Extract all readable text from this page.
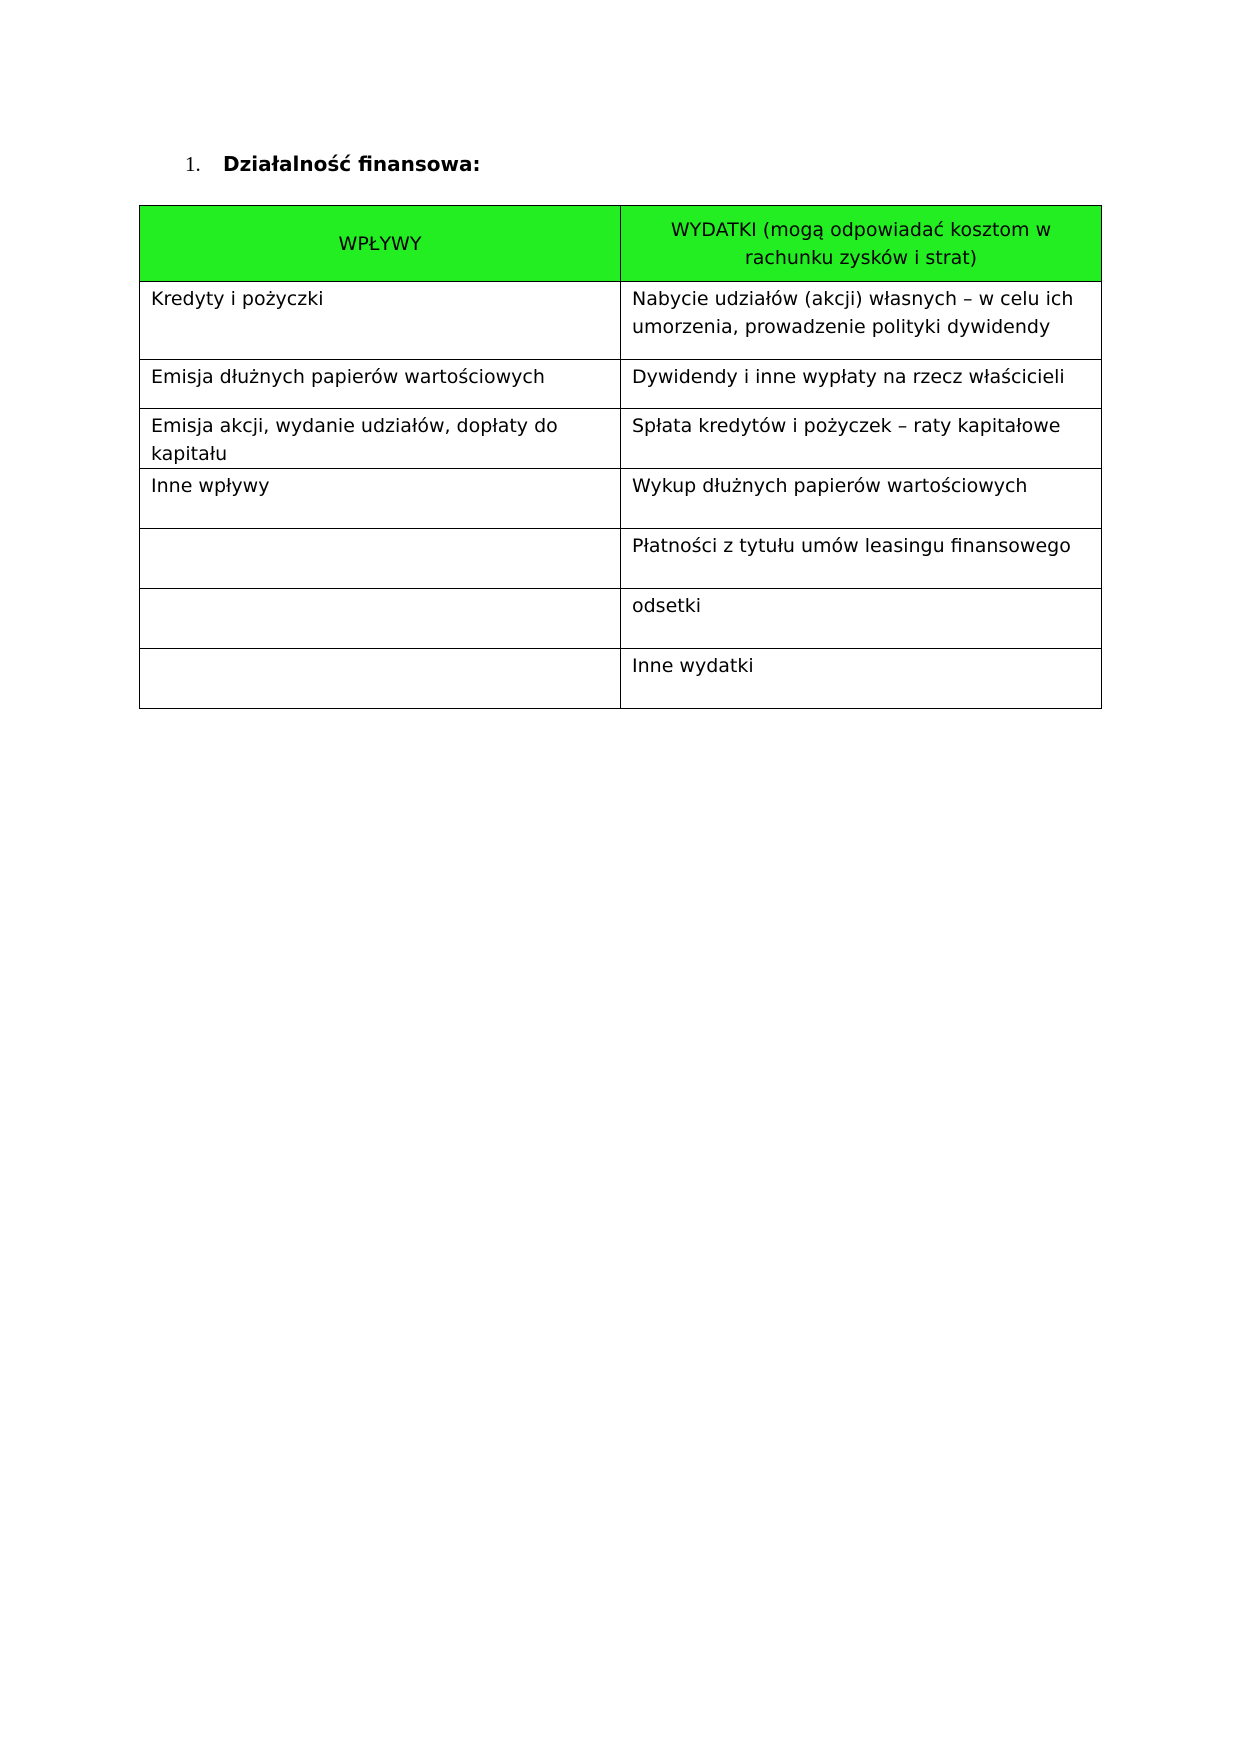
1. Działalność finansowa:
WPŁYWY	WYDATKI (mogą odpowiadać kosztom w rachunku zysków i strat)
Kredyty i pożyczki	Nabycie udziałów (akcji) własnych – w celu ich umorzenia, prowadzenie polityki dywidendy
Emisja dłużnych papierów wartościowych	Dywidendy i inne wypłaty na rzecz właścicieli
Emisja akcji, wydanie udziałów, dopłaty do kapitału	Spłata kredytów i pożyczek – raty kapitałowe
Inne wpływy	Wykup dłużnych papierów wartościowych
	Płatności z tytułu umów leasingu finansowego
	odsetki
	Inne wydatki
